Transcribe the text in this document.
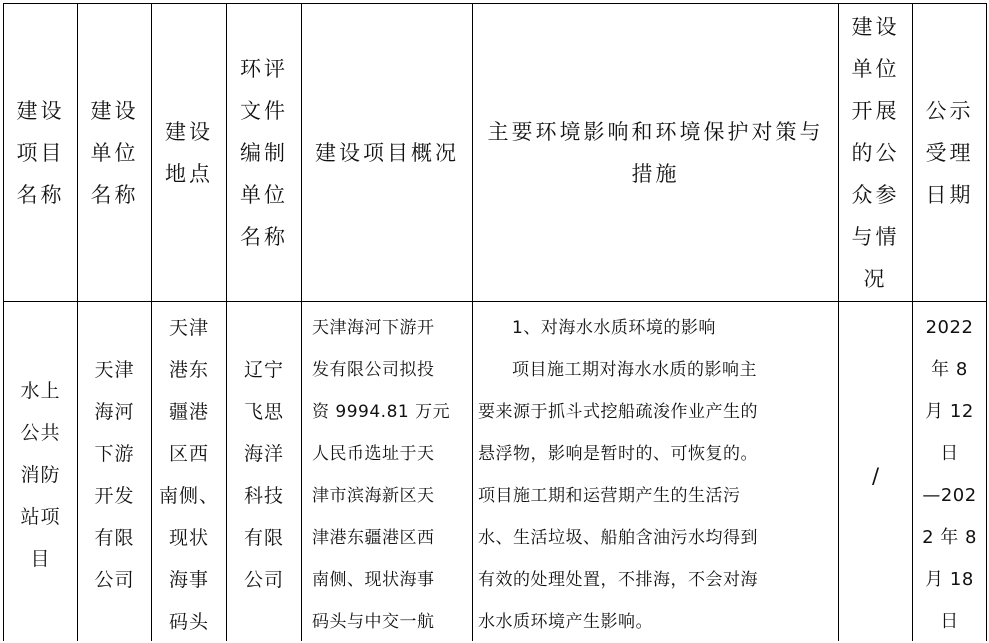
建设
项目
名称
建设
单位
名称
建设
地点
环评
文件
编制
单位
名称
建设项目概况
主要环境影响和环境保护对策与
措施
建设
单位
开展
的公
众参
与情
况
公示
受理
日期
水上
公共
消防
站项
目
天津
海河
下游
开发
有限
公司
天津
港东
疆港
区西
南侧、
现状
海事
码头
辽宁
飞思
海洋
科技
有限
公司
天津海河下游开
发有限公司拟投
资 9994.81 万元
人民币选址于天
津市滨海新区天
津港东疆港区西
南侧、现状海事
码头与中交一航
1、对海水水质环境的影响
项目施工期对海水水质的影响主
要来源于抓斗式挖船疏浚作业产生的
悬浮物，影响是暂时的、可恢复的。
项目施工期和运营期产生的生活污
水、生活垃圾、船舶含油污水均得到
有效的处理处置，不排海，不会对海
水水质环境产生影响。
/
2022
年 8
月 12
日
—202
2 年 8
月 18
日
